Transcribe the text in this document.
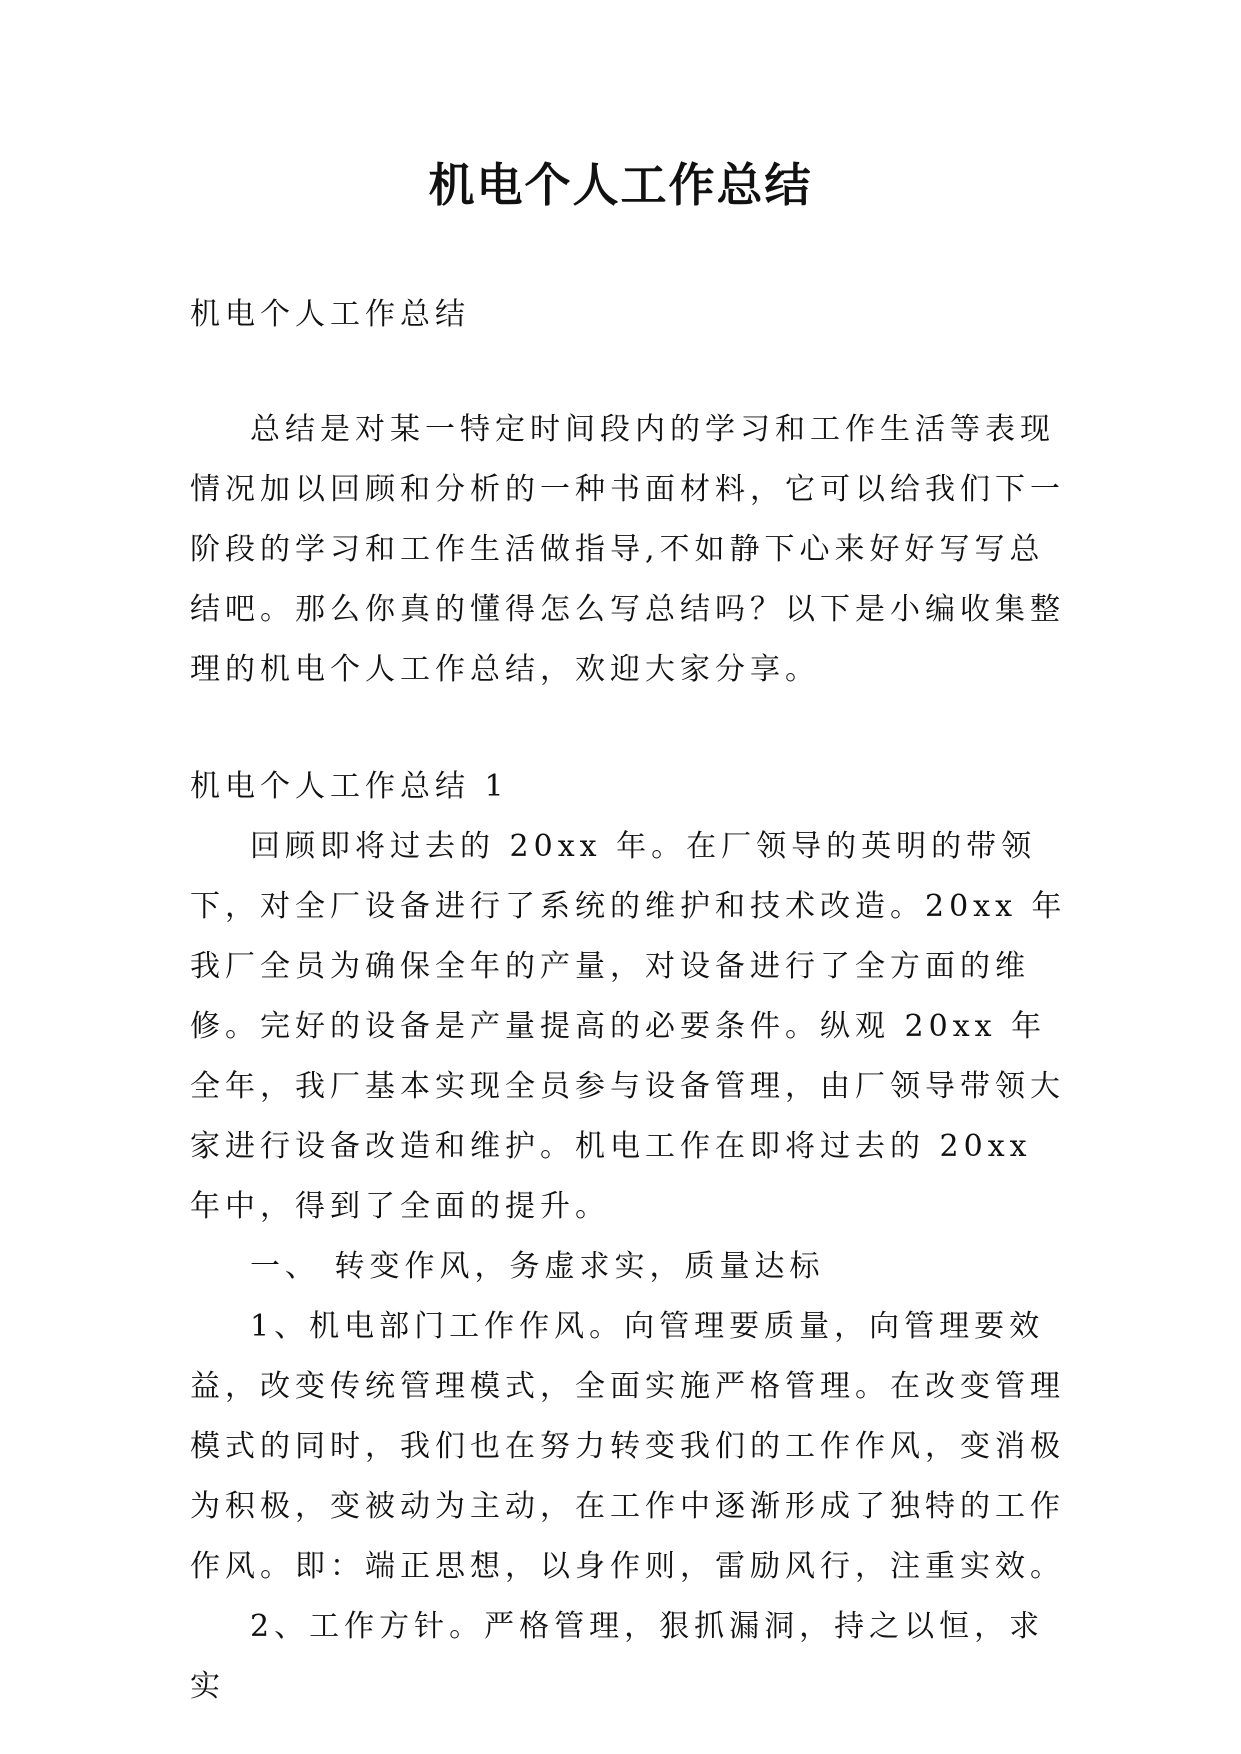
机电个人工作总结

机电个人工作总结

总结是对某一特定时间段内的学习和工作生活等表现情况加以回顾和分析的一种书面材料，它可以给我们下一阶段的学习和工作生活做指导,不如静下心来好好写写总结吧。那么你真的懂得怎么写总结吗？以下是小编收集整理的机电个人工作总结，欢迎大家分享。

机电个人工作总结 1

回顾即将过去的 20xx 年。在厂领导的英明的带领下，对全厂设备进行了系统的维护和技术改造。20xx 年我厂全员为确保全年的产量，对设备进行了全方面的维修。完好的设备是产量提高的必要条件。纵观 20xx 年全年，我厂基本实现全员参与设备管理，由厂领导带领大家进行设备改造和维护。机电工作在即将过去的 20xx 年中，得到了全面的提升。

一、 转变作风，务虚求实，质量达标

1、机电部门工作作风。向管理要质量，向管理要效益，改变传统管理模式，全面实施严格管理。在改变管理模式的同时，我们也在努力转变我们的工作作风，变消极为积极，变被动为主动，在工作中逐渐形成了独特的工作作风。即：端正思想，以身作则，雷励风行，注重实效。

2、工作方针。严格管理，狠抓漏洞，持之以恒，求实
